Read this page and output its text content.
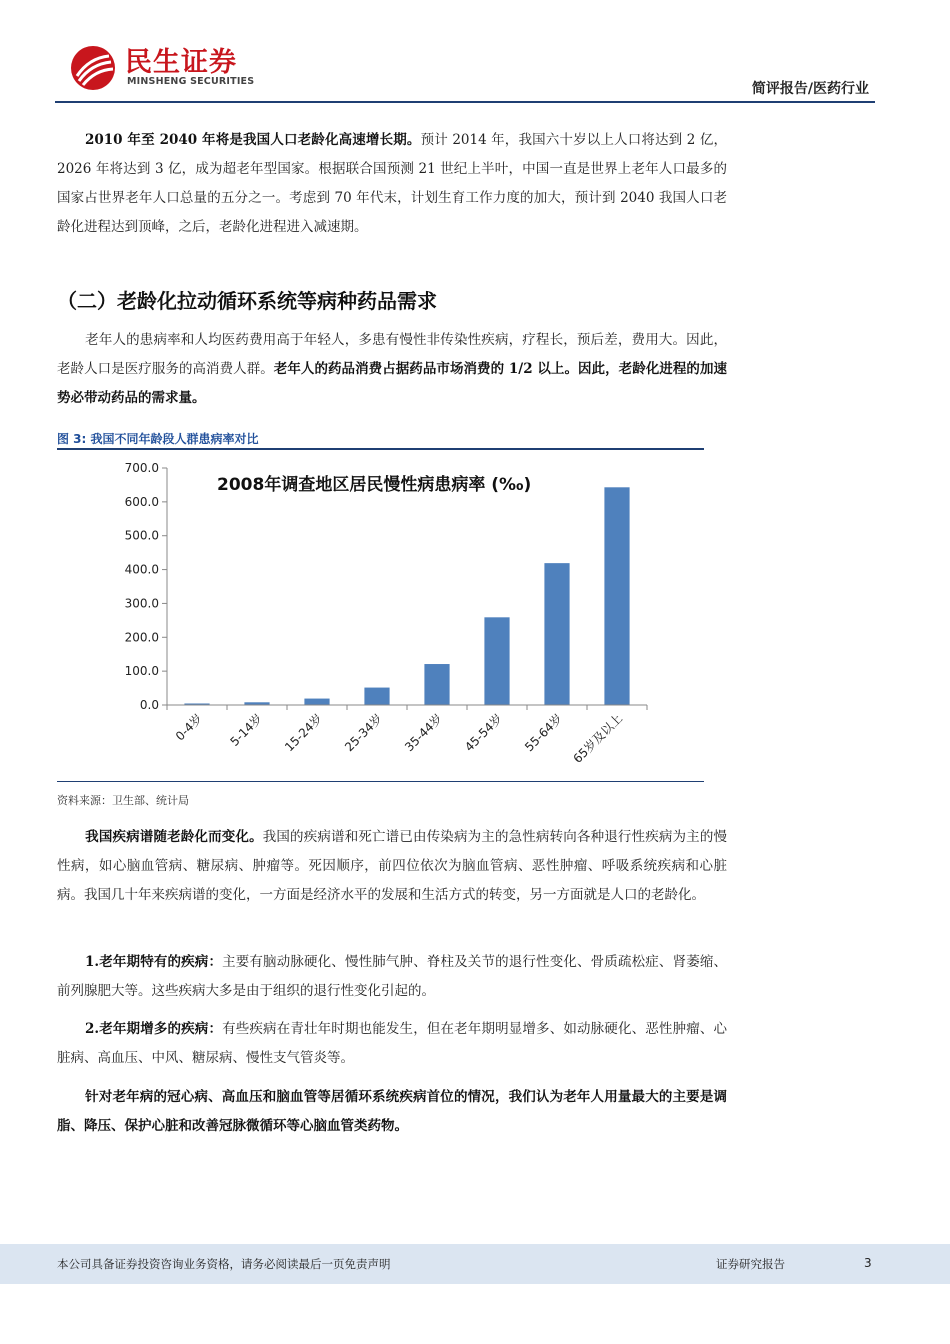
民生证券
MINSHENG SECURITIES	简评报告/医药行业

2010 年至 2040 年将是我国人口老龄化高速增长期。预计 2014 年，我国六十岁以上人口将达到 2 亿，2026 年将达到 3 亿，成为超老年型国家。根据联合国预测 21 世纪上半叶，中国一直是世界上老年人口最多的国家占世界老年人口总量的五分之一。考虑到 70 年代末，计划生育工作力度的加大，预计到 2040 我国人口老龄化进程达到顶峰，之后，老龄化进程进入减速期。

（二）老龄化拉动循环系统等病种药品需求

老年人的患病率和人均医药费用高于年轻人，多患有慢性非传染性疾病，疗程长，预后差，费用大。因此，老龄人口是医疗服务的高消费人群。老年人的药品消费占据药品市场消费的 1/2 以上。因此，老龄化进程的加速势必带动药品的需求量。

图 3: 我国不同年龄段人群患病率对比
2008年调查地区居民慢性病患病率 (‰)
0.0
100.0
200.0
300.0
400.0
500.0
600.0
700.0
0-4岁 5-14岁 15-24岁 25-34岁 35-44岁 45-54岁 55-64岁 65岁及以上
资料来源：卫生部、统计局

我国疾病谱随老龄化而变化。我国的疾病谱和死亡谱已由传染病为主的急性病转向各种退行性疾病为主的慢性病，如心脑血管病、糖尿病、肿瘤等。死因顺序，前四位依次为脑血管病、恶性肿瘤、呼吸系统疾病和心脏病。我国几十年来疾病谱的变化，一方面是经济水平的发展和生活方式的转变，另一方面就是人口的老龄化。

1.老年期特有的疾病：主要有脑动脉硬化、慢性肺气肿、脊柱及关节的退行性变化、骨质疏松症、肾萎缩、前列腺肥大等。这些疾病大多是由于组织的退行性变化引起的。

2.老年期增多的疾病：有些疾病在青壮年时期也能发生，但在老年期明显增多、如动脉硬化、恶性肿瘤、心脏病、高血压、中风、糖尿病、慢性支气管炎等。

针对老年病的冠心病、高血压和脑血管等居循环系统疾病首位的情况，我们认为老年人用量最大的主要是调脂、降压、保护心脏和改善冠脉微循环等心脑血管类药物。

本公司具备证券投资咨询业务资格，请务必阅读最后一页免责声明	证券研究报告	3
